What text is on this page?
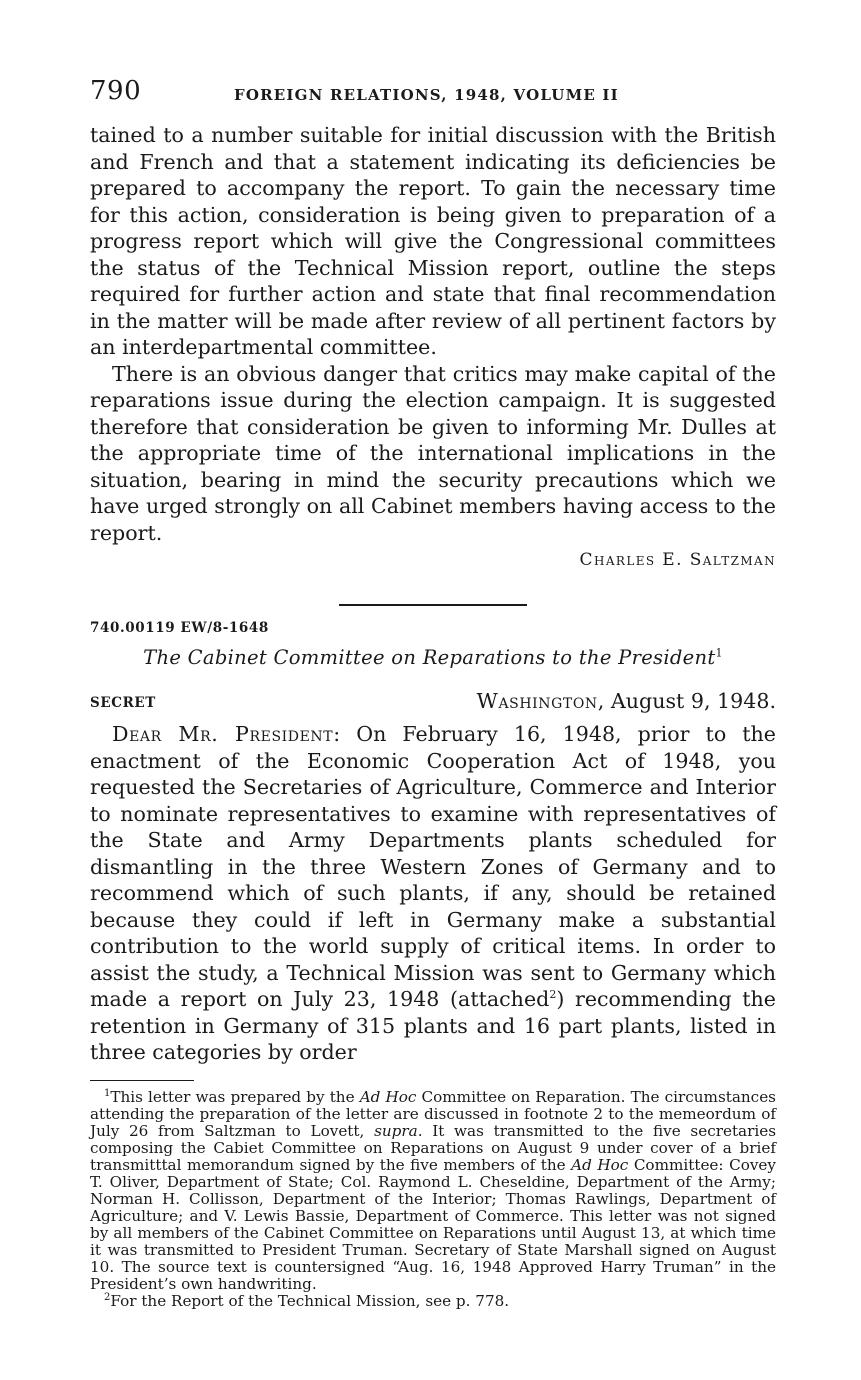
790	FOREIGN RELATIONS, 1948, VOLUME II

tained to a number suitable for initial discussion with the British and French and that a statement indicating its deficiencies be prepared to accompany the report. To gain the necessary time for this action, consideration is being given to preparation of a progress report which will give the Congressional committees the status of the Technical Mission report, outline the steps required for further action and state that final recommendation in the matter will be made after review of all pertinent factors by an interdepartmental committee.

There is an obvious danger that critics may make capital of the reparations issue during the election campaign. It is suggested therefore that consideration be given to informing Mr. Dulles at the appropriate time of the international implications in the situation, bearing in mind the security precautions which we have urged strongly on all Cabinet members having access to the report.

Charles E. Saltzman
740.00119 EW/8-1648
The Cabinet Committee on Reparations to the President$^1$
SECRET	Washington, August 9, 1948.

Dear Mr. President: On February 16, 1948, prior to the enactment of the Economic Cooperation Act of 1948, you requested the Secretaries of Agriculture, Commerce and Interior to nominate representatives to examine with representatives of the State and Army Departments plants scheduled for dismantling in the three Western Zones of Germany and to recommend which of such plants, if any, should be retained because they could if left in Germany make a substantial contribution to the world supply of critical items. In order to assist the study, a Technical Mission was sent to Germany which made a report on July 23, 1948 (attached$^2$) recommending the retention in Germany of 315 plants and 16 part plants, listed in three categories by order

$^1$This letter was prepared by the Ad Hoc Committee on Reparation. The circumstances attending the preparation of the letter are discussed in footnote 2 to the memeordum of July 26 from Saltzman to Lovett, supra. It was transmitted to the five secretaries composing the Cabiet Committee on Reparations on August 9 under cover of a brief transmitttal memorandum signed by the five members of the Ad Hoc Committee: Covey T. Oliver, Department of State; Col. Raymond L. Cheseldine, Department of the Army; Norman H. Collisson, Department of the Interior; Thomas Rawlings, Department of Agriculture; and V. Lewis Bassie, Department of Commerce. This letter was not signed by all members of the Cabinet Committee on Reparations until August 13, at which time it was transmitted to President Truman. Secretary of State Marshall signed on August 10. The source text is countersigned “Aug. 16, 1948 Approved Harry Truman” in the President’s own handwriting.

$^2$For the Report of the Technical Mission, see p. 778.
